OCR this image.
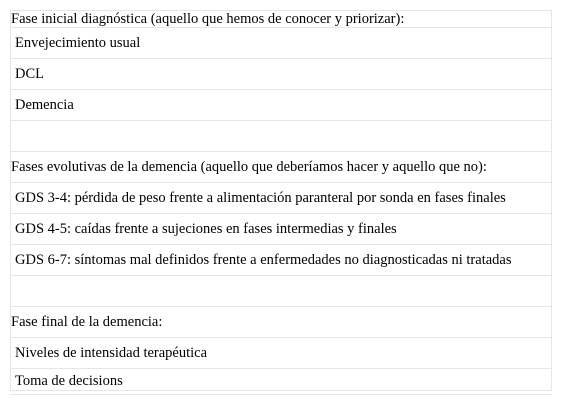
Fase inicial diagnóstica (aquello que hemos de conocer y priorizar):
Envejecimiento usual
DCL
Demencia

Fases evolutivas de la demencia (aquello que deberíamos hacer y aquello que no):
GDS 3-4: pérdida de peso frente a alimentación paranteral por sonda en fases finales
GDS 4-5: caídas frente a sujeciones en fases intermedias y finales
GDS 6-7: síntomas mal definidos frente a enfermedades no diagnosticadas ni tratadas

Fase final de la demencia:
Niveles de intensidad terapéutica
Toma de decisions
